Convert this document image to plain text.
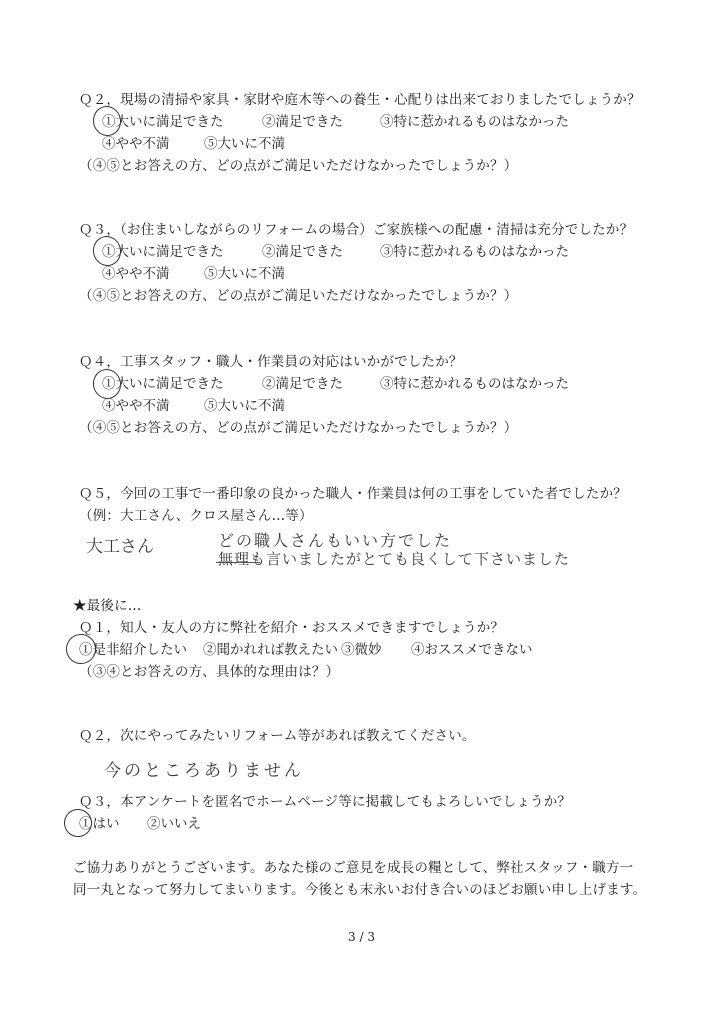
Ｑ２，現場の清掃や家具・家財や庭木等への養生・心配りは出来ておりましたでしょうか？
①大いに満足できた	②満足できた	③特に惹かれるものはなかった
④やや不満	⑤大いに不満
（④⑤とお答えの方、どの点がご満足いただけなかったでしょうか？）
Ｑ３，（お住まいしながらのリフォームの場合）ご家族様への配慮・清掃は充分でしたか？
①大いに満足できた	②満足できた	③特に惹かれるものはなかった
④やや不満	⑤大いに不満
（④⑤とお答えの方、どの点がご満足いただけなかったでしょうか？）
Ｑ４，工事スタッフ・職人・作業員の対応はいかがでしたか？
①大いに満足できた	②満足できた	③特に惹かれるものはなかった
④やや不満	⑤大いに不満
（④⑤とお答えの方、どの点がご満足いただけなかったでしょうか？）
Ｑ５，今回の工事で一番印象の良かった職人・作業員は何の工事をしていた者でしたか？
（例：大工さん、クロス屋さん…等）
大工さん	どの職人さんもいい方でした
無理も言いましたがとても良くして下さいました
★最後に…
Ｑ１，知人・友人の方に弊社を紹介・おススメできますでしょうか？
①是非紹介したい ②聞かれれば教えたい ③微妙 ④おススメできない
（③④とお答えの方、具体的な理由は？）
Ｑ２，次にやってみたいリフォーム等があれば教えてください。
今のところありません
Ｑ３，本アンケートを匿名でホームページ等に掲載してもよろしいでしょうか？
①はい ②いいえ
ご協力ありがとうございます。あなた様のご意見を成長の糧として、弊社スタッフ・職方一
同一丸となって努力してまいります。今後とも末永いお付き合いのほどお願い申し上げます。
3 / 3
